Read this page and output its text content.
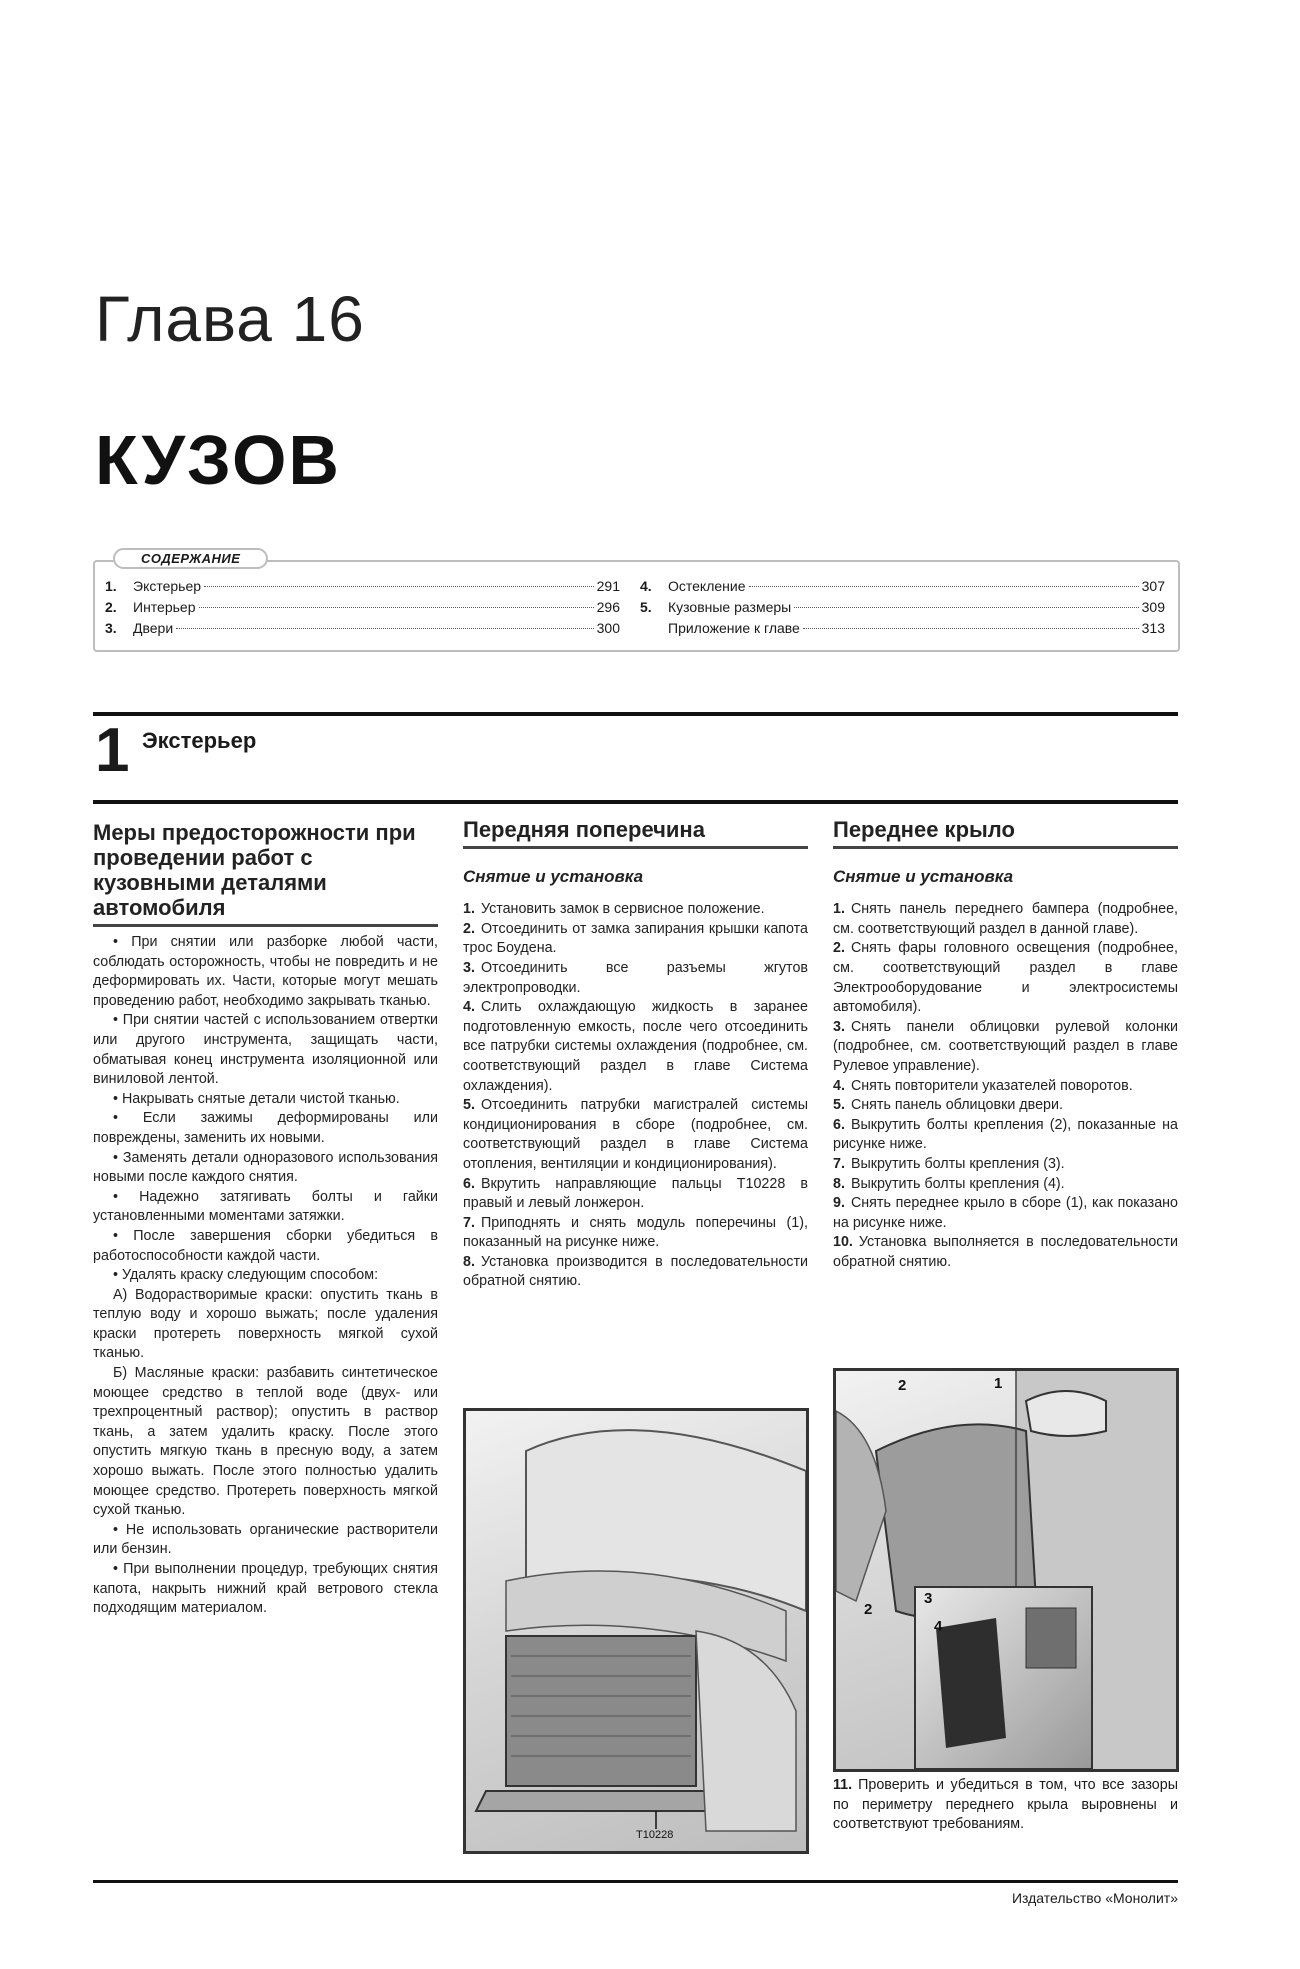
Глава 16
КУЗОВ
СОДЕРЖАНИЕ
1.	Экстерьер	291
2.	Интерьер	296
3.	Двери	300
4.	Остекление	307
5.	Кузовные размеры	309
Приложение к главе	313
1 Экстерьер
Меры предосторожности при проведении работ с кузовными деталями автомобиля

• При снятии или разборке любой части, соблюдать осторожность, чтобы не повредить и не деформировать их. Части, которые могут мешать проведению работ, необходимо закрывать тканью.

• При снятии частей с использованием отвертки или другого инструмента, защищать части, обматывая конец инструмента изоляционной или виниловой лентой.

• Накрывать снятые детали чистой тканью.

• Если зажимы деформированы или повреждены, заменить их новыми.

• Заменять детали одноразового использования новыми после каждого снятия.

• Надежно затягивать болты и гайки установленными моментами затяжки.

• После завершения сборки убедиться в работоспособности каждой части.

• Удалять краску следующим способом:

А) Водорастворимые краски: опустить ткань в теплую воду и хорошо выжать; после удаления краски протереть поверхность мягкой сухой тканью.

Б) Масляные краски: разбавить синтетическое моющее средство в теплой воде (двух- или трехпроцентный раствор); опустить в раствор ткань, а затем удалить краску. После этого опустить мягкую ткань в пресную воду, а затем хорошо выжать. После этого полностью удалить моющее средство. Протереть поверхность мягкой сухой тканью.

• Не использовать органические растворители или бензин.

• При выполнении процедур, требующих снятия капота, накрыть нижний край ветрового стекла подходящим материалом.

Передняя поперечина
Снятие и установка
1. Установить замок в сервисное положение.
2. Отсоединить от замка запирания крышки капота трос Боудена.
3. Отсоединить все разъемы жгутов электропроводки.
4. Слить охлаждающую жидкость в заранее подготовленную емкость, после чего отсоединить все патрубки системы охлаждения (подробнее, см. соответствующий раздел в главе Система охлаждения).
5. Отсоединить патрубки магистралей системы кондиционирования в сборе (подробнее, см. соответствующий раздел в главе Система отопления, вентиляции и кондиционирования).
6. Вкрутить направляющие пальцы T10228 в правый и левый лонжерон.
7. Приподнять и снять модуль поперечины (1), показанный на рисунке ниже.
8. Установка производится в последовательности обратной снятию.
T10228
Переднее крыло
Снятие и установка
1. Снять панель переднего бампера (подробнее, см. соответствующий раздел в данной главе).
2. Снять фары головного освещения (подробнее, см. соответствующий раздел в главе Электрооборудование и электросистемы автомобиля).
3. Снять панели облицовки рулевой колонки (подробнее, см. соответствующий раздел в главе Рулевое управление).
4. Снять повторители указателей поворотов.
5. Снять панель облицовки двери.
6. Выкрутить болты крепления (2), показанные на рисунке ниже.
7. Выкрутить болты крепления (3).
8. Выкрутить болты крепления (4).
9. Снять переднее крыло в сборе (1), как показано на рисунке ниже.
10. Установка выполняется в последовательности обратной снятию.
2	1
2
3
4
11. Проверить и убедиться в том, что все зазоры по периметру переднего крыла выровнены и соответствуют требованиям.
Издательство «Монолит»
